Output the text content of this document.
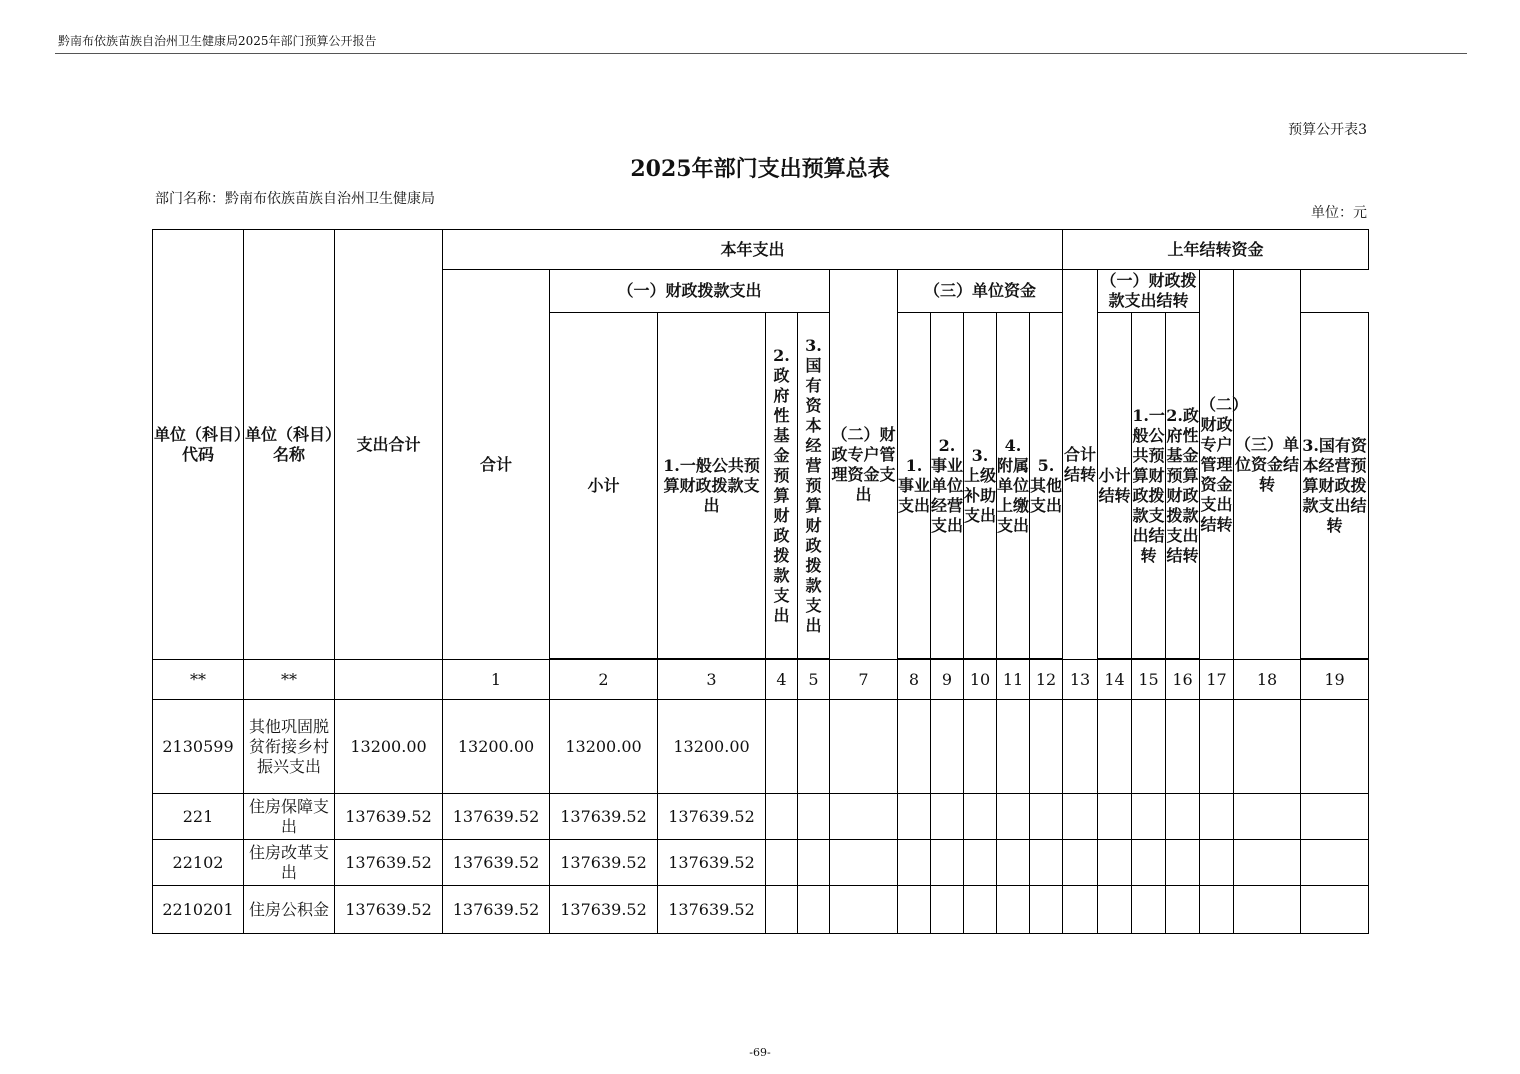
黔南布依族苗族自治州卫生健康局2025年部门预算公开报告
预算公开表3
2025年部门支出预算总表
部门名称：黔南布依族苗族自治州卫生健康局
单位：元
单位（科目）代码	单位（科目）名称	支出合计	本年支出											上年结转资金						
			合计	（一）财政拨款支出				（二）财政专户管理资金支出	（三）单位资金					合计结转	（一）财政拨款支出结转			（二）财政专户管理资金支出结转	（三）单位资金结转	
				小计	1.一般公共预算财政拨款支出	2.政府性基金预算财政拨款支出	3.国有资本经营预算财政拨款支出		1.事业支出	2.事业单位经营支出	3.上级补助支出	4.附属单位上缴支出	5.其他支出		小计结转	1.一般公共预算财政拨款支出结转	2.政府性基金预算财政拨款支出结转			3.国有资本经营预算财政拨款支出结转

**	**		1	2	3	4	5	7	8	9	10	11	12	13	14	15	16	17	18	19
2130599	其他巩固脱贫衔接乡村振兴支出	13200.00	13200.00	13200.00	13200.00															
221	住房保障支出	137639.52	137639.52	137639.52	137639.52															
22102	住房改革支出	137639.52	137639.52	137639.52	137639.52															
2210201	住房公积金	137639.52	137639.52	137639.52	137639.52															
-69-
